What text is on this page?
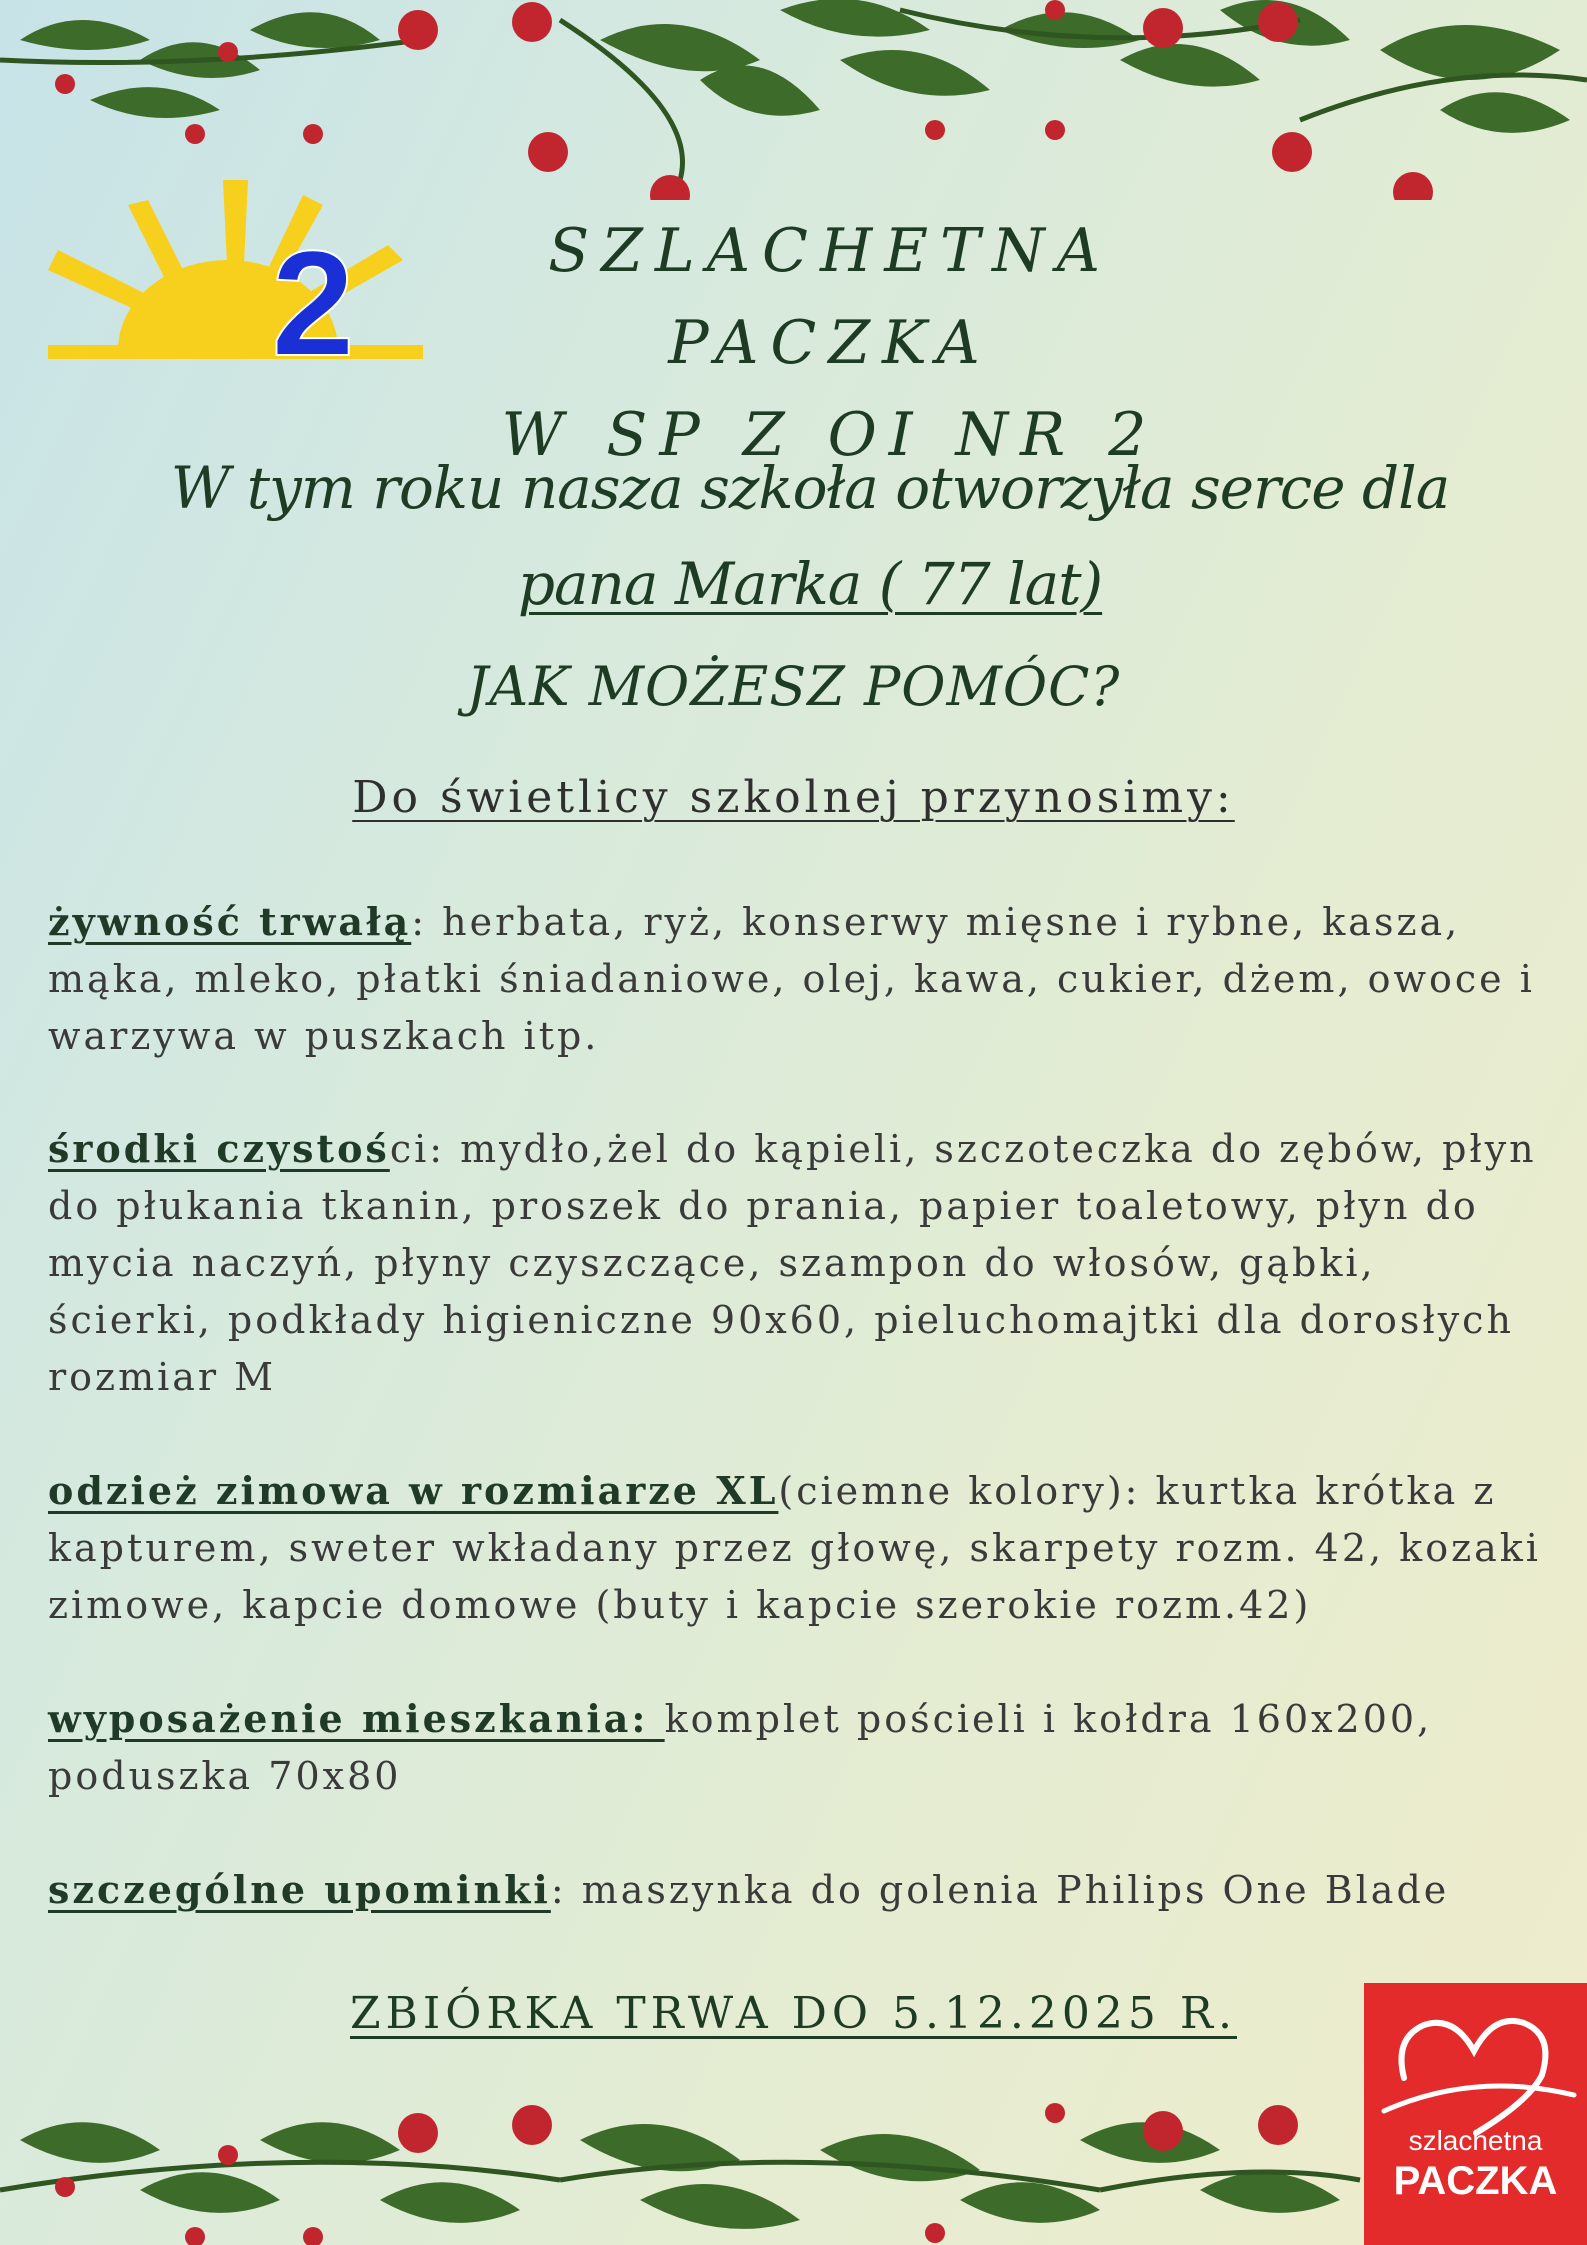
2	SZLACHETNA PACZKA
W SP Z OI NR 2
W tym roku nasza szkoła otworzyła serce dla
pana Marka ( 77 lat)
JAK MOŻESZ POMÓC?
Do świetlicy szkolnej przynosimy:
żywność trwałą: herbata, ryż, konserwy mięsne i rybne, kasza, mąka, mleko, płatki śniadaniowe, olej, kawa, cukier, dżem, owoce i warzywa w puszkach itp.
środki czystości: mydło,żel do kąpieli, szczoteczka do zębów, płyn do płukania tkanin, proszek do prania, papier toaletowy, płyn do mycia naczyń, płyny czyszczące, szampon do włosów, gąbki, ścierki, podkłady higieniczne 90x60, pieluchomajtki dla dorosłych rozmiar M
odzież zimowa w rozmiarze XL(ciemne kolory): kurtka krótka z kapturem, sweter wkładany przez głowę, skarpety rozm. 42, kozaki zimowe, kapcie domowe (buty i kapcie szerokie rozm.42)
wyposażenie mieszkania: komplet pościeli i kołdra 160x200, poduszka 70x80
szczególne upominki: maszynka do golenia Philips One Blade
ZBIÓRKA TRWA DO 5.12.2025 R.
szlachetna
PACZKA
